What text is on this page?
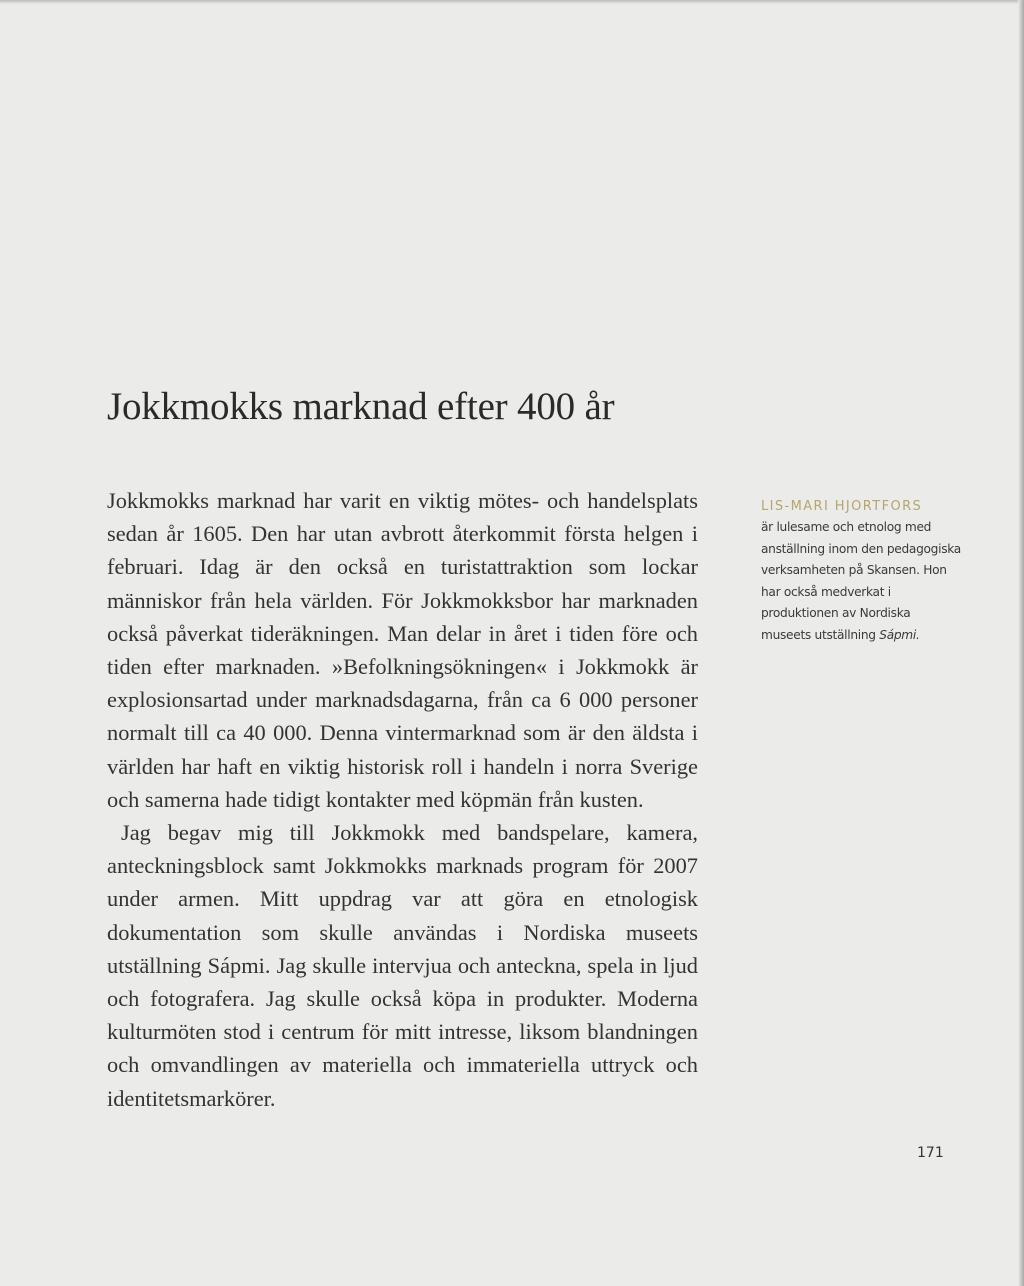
Jokkmokks marknad efter 400 år

Jokkmokks marknad har varit en viktig mötes- och handelsplats sedan år 1605. Den har utan avbrott återkommit första helgen i februari. Idag är den också en turistattraktion som lockar människor från hela världen. För Jokkmokksbor har marknaden också påverkat tideräkningen. Man delar in året i tiden före och tiden efter marknaden. »Befolkningsökningen« i Jokkmokk är explosionsartad under marknadsdagarna, från ca 6 000 personer normalt till ca 40 000. Denna vintermarknad som är den äldsta i världen har haft en viktig historisk roll i handeln i norra Sverige och samerna hade tidigt kontakter med köpmän från kusten.

Jag begav mig till Jokkmokk med bandspelare, kamera, anteckningsblock samt Jokkmokks marknads program för 2007 under armen. Mitt uppdrag var att göra en etnologisk dokumentation som skulle användas i Nordiska museets utställning Sápmi. Jag skulle intervjua och anteckna, spela in ljud och fotografera. Jag skulle också köpa in produkter. Moderna kulturmöten stod i centrum för mitt intresse, liksom blandningen och omvandlingen av materiella och immateriella uttryck och identitetsmarkörer.

LIS-MARI HJORTFORS
är lulesame och etnolog med anställning inom den pedagogiska verksamheten på Skansen. Hon har också medverkat i produktionen av Nordiska museets utställning Sápmi.
171
